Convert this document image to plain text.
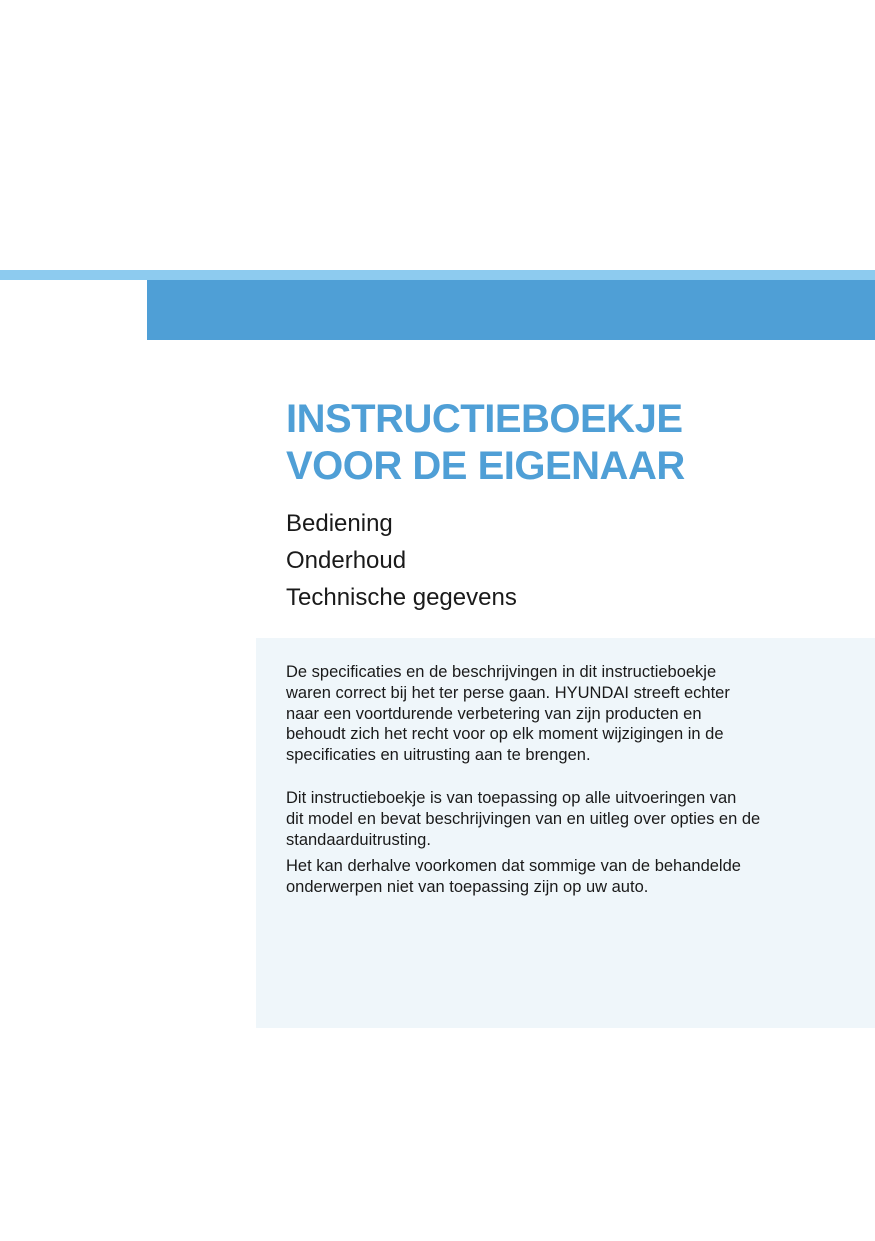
INSTRUCTIEBOEKJE
VOOR DE EIGENAAR
Bediening
Onderhoud
Technische gegevens

De specificaties en de beschrijvingen in dit instructieboekje
waren correct bij het ter perse gaan. HYUNDAI streeft echter
naar een voortdurende verbetering van zijn producten en
behoudt zich het recht voor op elk moment wijzigingen in de
specificaties en uitrusting aan te brengen.

Dit instructieboekje is van toepassing op alle uitvoeringen van
dit model en bevat beschrijvingen van en uitleg over opties en de
standaarduitrusting.

Het kan derhalve voorkomen dat sommige van de behandelde
onderwerpen niet van toepassing zijn op uw auto.
